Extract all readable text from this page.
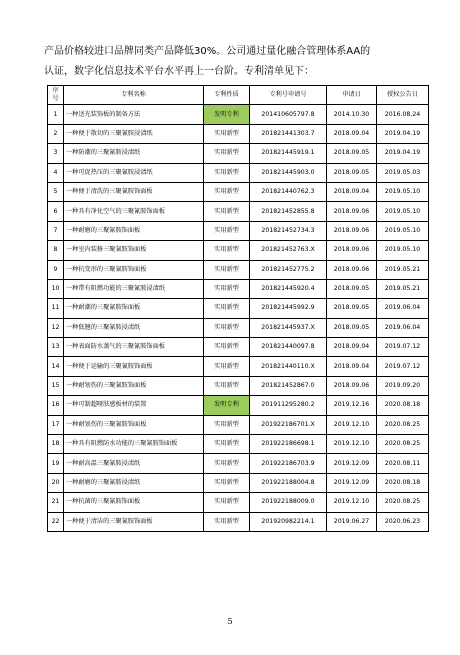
产品价格较进口品牌同类产品降低30%。公司通过量化融合管理体系AA的
认证，数字化信息技术平台水平再上一台阶。专利清单见下：
序号	专利名称	专利性质	专利号申请号	申请日	授权公告日
1	一种送光装饰板的制备方法	发明专利	201410605797.8	2014.10.30	2016.08.24
2	一种便于散切的三聚氰胺浸渍纸	实用新型	201821441303.7	2018.09.04	2019.04.19
3	一种防潮的三聚氰胺浸渍纸	实用新型	201821445919.1	2018.09.05	2019.04.19
4	一种可促热压的三聚氰胺浸渍纸	实用新型	201821445903.0	2018.09.05	2019.05.03
5	一种便于清洗的三聚氰胺饰面板	实用新型	201821440762.3	2018.09.04	2019.05.10
6	一种具有净化空气的三聚氰胺饰面板	实用新型	201821452855.8	2018.09.06	2019.05.10
7	一种耐磨的三聚氰胺饰面板	实用新型	201821452734.3	2018.09.06	2019.05.10
8	一种室内装修三聚氰胺饰面板	实用新型	201821452763.X	2018.09.06	2019.05.10
9	一种抗变形的三聚氰胺饰面板	实用新型	201821452775.2	2018.09.06	2019.05.21
10	一种带有阻燃功能的三聚氰胺浸渍纸	实用新型	201821445920.4	2018.09.05	2019.05.21
11	一种耐潮的三聚氰胺饰面板	实用新型	201821445992.9	2018.09.05	2019.06.04
12	一种低翘的三聚氰胺浸渍纸	实用新型	201821445937.X	2018.09.05	2019.06.04
13	一种表面防水蒸气的三聚氰胺饰面板	实用新型	201821440097.8	2018.09.04	2019.07.12
14	一种便于运输的三聚氰胺饰面板	实用新型	201821440110.X	2018.09.04	2019.07.12
15	一种耐划伤的三聚氰胺饰面板	实用新型	201821452867.0	2018.09.06	2019.09.20
16	一种可制超哑肤感板材的装置	发明专利	201911295280.2	2019.12.16	2020.08.18
17	一种耐划伤的三聚氰胺饰面板	实用新型	201922186701.X	2019.12.10	2020.08.25
18	一种具有阻燃防水功能的三聚氰胺饰面板	实用新型	201922186698.1	2019.12.10	2020.08.25
19	一种耐高温三聚氰胺浸渍纸	实用新型	201922186703.9	2019.12.09	2020.08.11
20	一种耐磨的三聚氰胺浸渍纸	实用新型	201922188004.8	2019.12.09	2020.08.18
21	一种抗菌的三聚氰胺饰面板	实用新型	201922188009.0	2019.12.10	2020.08.25
22	一种便于清洁的三聚氰胺饰面板	实用新型	201920982214.1	2019.06.27	2020.06.23
5
